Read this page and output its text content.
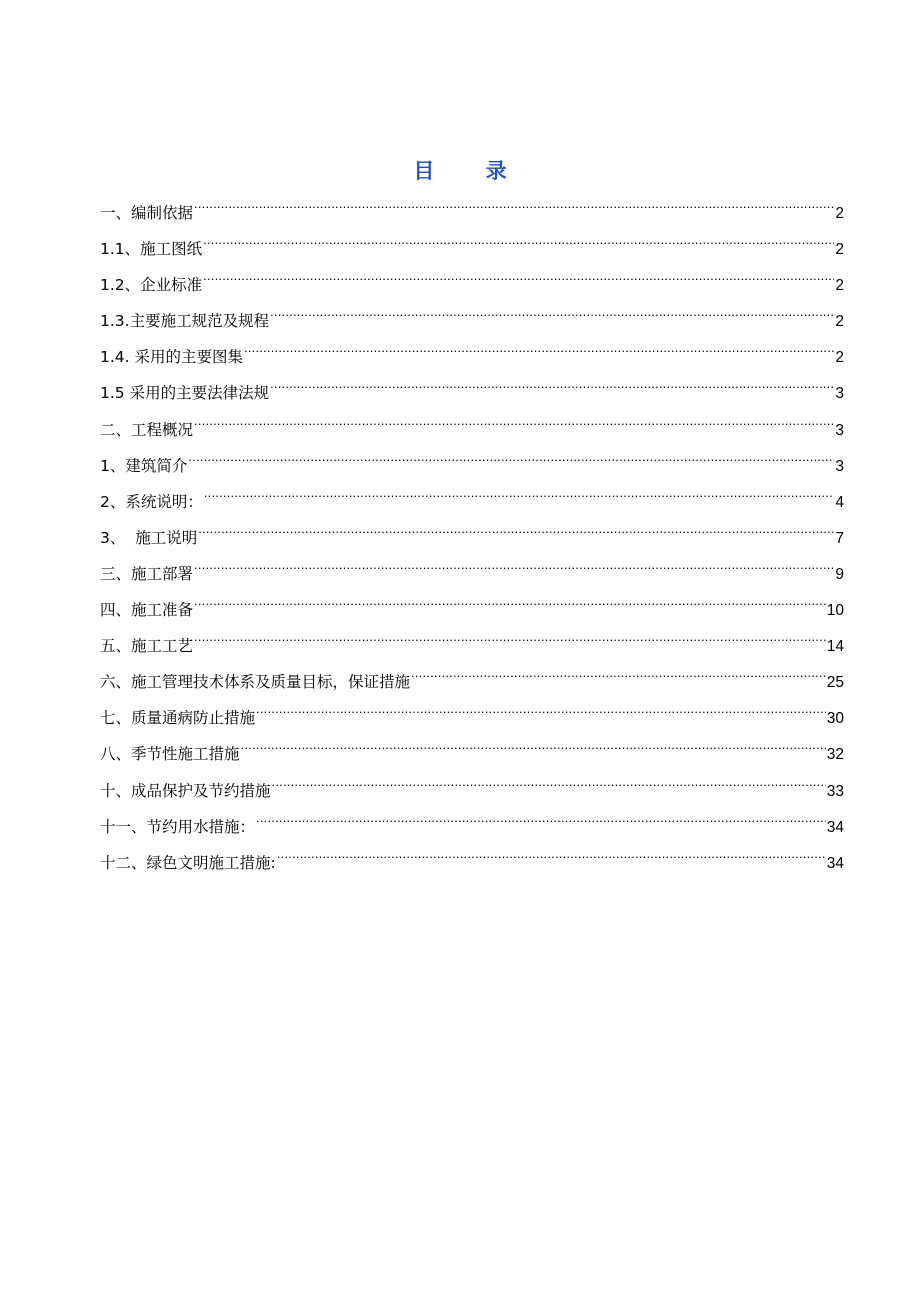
目 录
一、编制依据 .....	2
1.1、施工图纸 .....	2
1.2、企业标准 .....	2
1.3.主要施工规范及规程 .....	2
1.4. 采用的主要图集 .....	2
1.5 采用的主要法律法规 .....	3
二、工程概况 .....	3
1、建筑简介 .....	3
2、系统说明： .....	4
3、  施工说明 .....	7
三、施工部署 .....	9
四、施工准备 .....	10
五、施工工艺 .....	14
六、施工管理技术体系及质量目标，保证措施 .....	25
七、质量通病防止措施 .....	30
八、季节性施工措施 .....	32
十、成品保护及节约措施 .....	33
十一、节约用水措施： .....	34
十二、绿色文明施工措施: .....	34
